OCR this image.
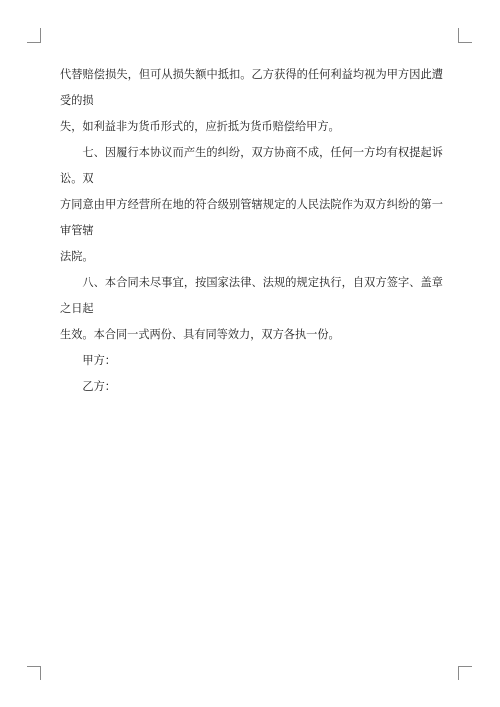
代替赔偿损失，但可从损失额中抵扣。乙方获得的任何利益均视为甲方因此遭受的损
失，如利益非为货币形式的，应折抵为货币赔偿给甲方。

七、因履行本协议而产生的纠纷，双方协商不成，任何一方均有权提起诉讼。双
方同意由甲方经营所在地的符合级别管辖规定的人民法院作为双方纠纷的第一审管辖
法院。

八、本合同未尽事宜，按国家法律、法规的规定执行，自双方签字、盖章之日起
生效。本合同一式两份、具有同等效力，双方各执一份。

甲方：

乙方：
